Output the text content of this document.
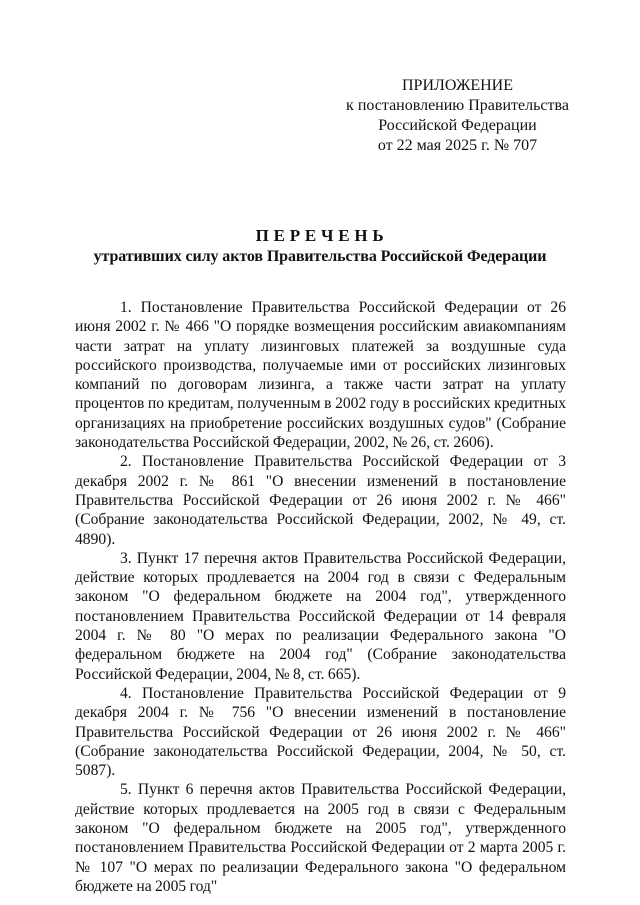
ПРИЛОЖЕНИЕ
к постановлению Правительства
Российской Федерации
от 22 мая 2025 г. № 707
ПЕРЕЧЕНЬ
утративших силу актов Правительства Российской Федерации

1. Постановление Правительства Российской Федерации от 26 июня 2002 г. № 466 "О порядке возмещения российским авиакомпаниям части затрат на уплату лизинговых платежей за воздушные суда российского производства, получаемые ими от российских лизинговых компаний по договорам лизинга, а также части затрат на уплату процентов по кредитам, полученным в 2002 году в российских кредитных организациях на приобретение российских воздушных судов" (Собрание законодательства Российской Федерации, 2002, № 26, ст. 2606).

2. Постановление Правительства Российской Федерации от 3 декабря 2002 г. № 861 "О внесении изменений в постановление Правительства Российской Федерации от 26 июня 2002 г. № 466" (Собрание законодательства Российской Федерации, 2002, № 49, ст. 4890).

3. Пункт 17 перечня актов Правительства Российской Федерации, действие которых продлевается на 2004 год в связи с Федеральным законом "О федеральном бюджете на 2004 год", утвержденного постановлением Правительства Российской Федерации от 14 февраля 2004 г. № 80 "О мерах по реализации Федерального закона "О федеральном бюджете на 2004 год" (Собрание законодательства Российской Федерации, 2004, № 8, ст. 665).

4. Постановление Правительства Российской Федерации от 9 декабря 2004 г. № 756 "О внесении изменений в постановление Правительства Российской Федерации от 26 июня 2002 г. № 466" (Собрание законодательства Российской Федерации, 2004, № 50, ст. 5087).

5. Пункт 6 перечня актов Правительства Российской Федерации, действие которых продлевается на 2005 год в связи с Федеральным законом "О федеральном бюджете на 2005 год", утвержденного постановлением Правительства Российской Федерации от 2 марта 2005 г. № 107 "О мерах по реализации Федерального закона "О федеральном бюджете на 2005 год"
